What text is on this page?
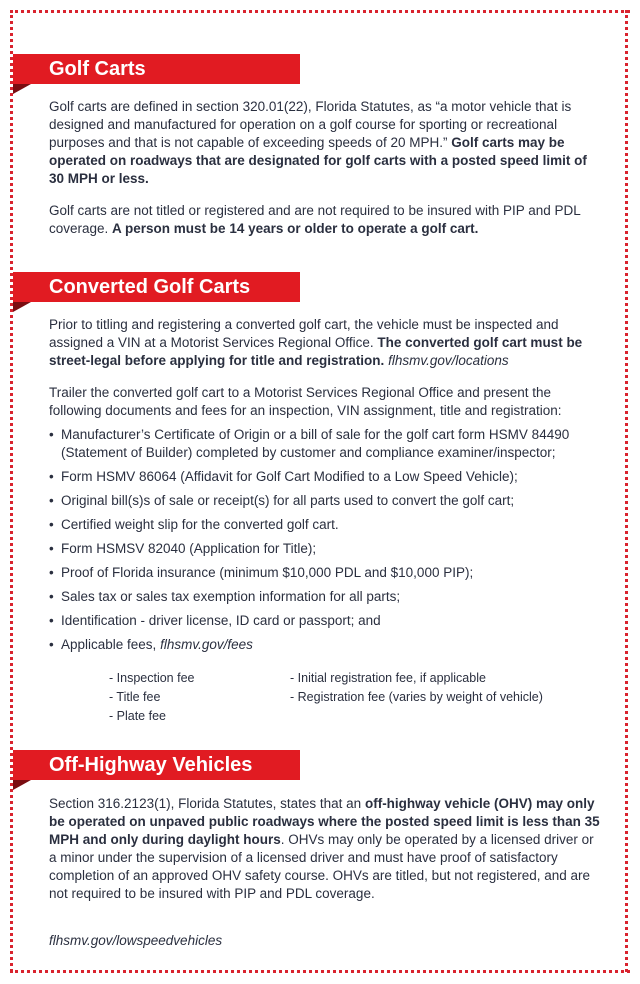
Golf Carts

Golf carts are defined in section 320.01(22), Florida Statutes, as “a motor vehicle that is designed and manufactured for operation on a golf course for sporting or recreational purposes and that is not capable of exceeding speeds of 20 MPH.” Golf carts may be operated on roadways that are designated for golf carts with a posted speed limit of 30 MPH or less.

Golf carts are not titled or registered and are not required to be insured with PIP and PDL coverage. A person must be 14 years or older to operate a golf cart.

Converted Golf Carts

Prior to titling and registering a converted golf cart, the vehicle must be inspected and assigned a VIN at a Motorist Services Regional Office. The converted golf cart must be street-legal before applying for title and registration. flhsmv.gov/locations

Trailer the converted golf cart to a Motorist Services Regional Office and present the following documents and fees for an inspection, VIN assignment, title and registration:

• Manufacturer’s Certificate of Origin or a bill of sale for the golf cart form HSMV 84490 (Statement of Builder) completed by customer and compliance examiner/inspector;
• Form HSMV 86064 (Affidavit for Golf Cart Modified to a Low Speed Vehicle);
• Original bill(s)s of sale or receipt(s) for all parts used to convert the golf cart;
• Certified weight slip for the converted golf cart.
• Form HSMSV 82040 (Application for Title);
• Proof of Florida insurance (minimum $10,000 PDL and $10,000 PIP);
• Sales tax or sales tax exemption information for all parts;
• Identification - driver license, ID card or passport; and
• Applicable fees, flhsmv.gov/fees
- Inspection fee
- Title fee
- Plate fee
- Initial registration fee, if applicable
- Registration fee (varies by weight of vehicle)
Off-Highway Vehicles

Section 316.2123(1), Florida Statutes, states that an off-highway vehicle (OHV) may only be operated on unpaved public roadways where the posted speed limit is less than 35 MPH and only during daylight hours. OHVs may only be operated by a licensed driver or a minor under the supervision of a licensed driver and must have proof of satisfactory completion of an approved OHV safety course. OHVs are titled, but not registered, and are not required to be insured with PIP and PDL coverage.

flhsmv.gov/lowspeedvehicles
